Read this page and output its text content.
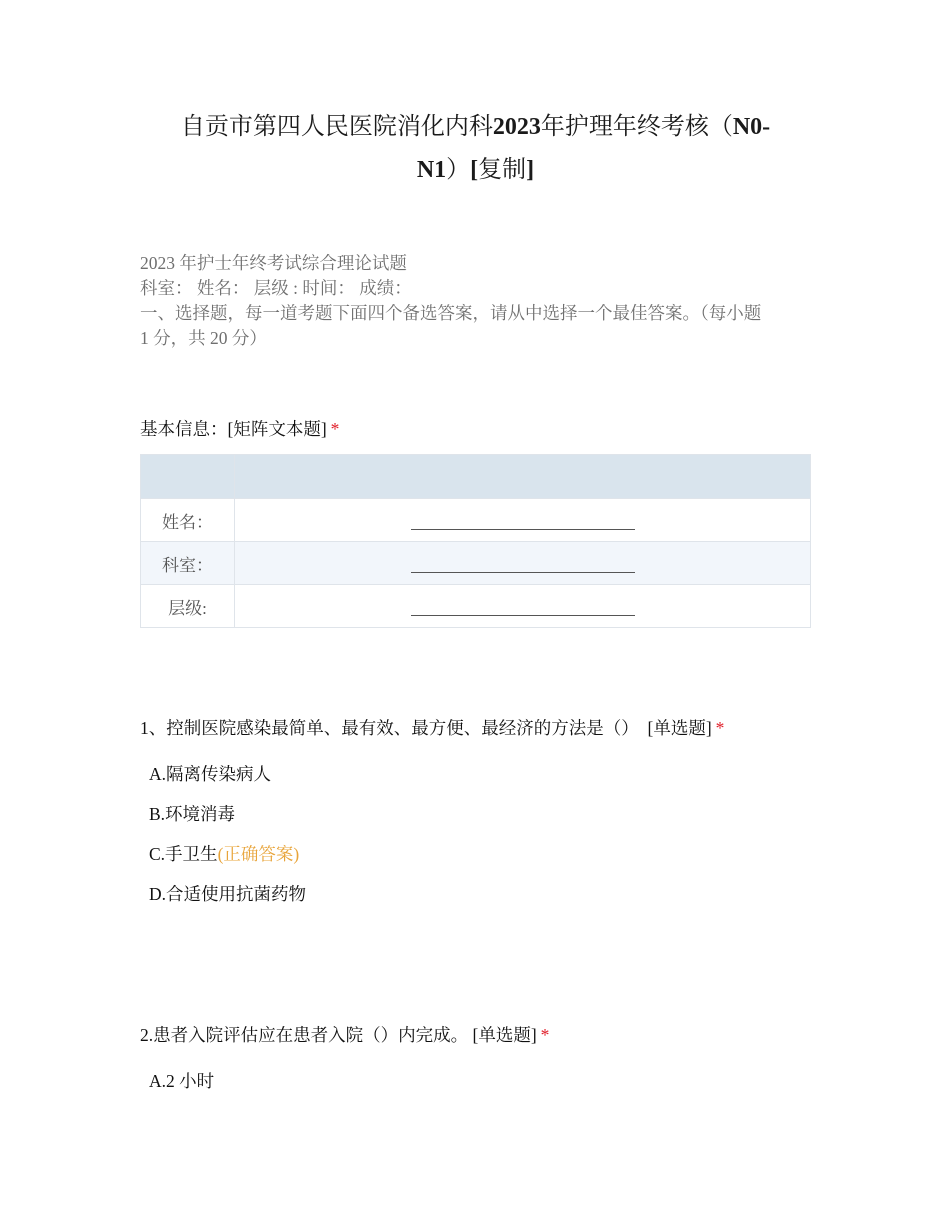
自贡市第四人民医院消化内科2023年护理年终考核（N0-
N1）[复制]
2023 年护士年终考试综合理论试题
科室： 姓名： 层级 : 时间： 成绩：
一、选择题，每一道考题下面四个备选答案，请从中选择一个最佳答案。（每小题
1 分，共 20 分）
基本信息：[矩阵文本题] *

姓名：	
科室：	
层级:	
1、控制医院感染最简单、最有效、最方便、最经济的方法是（） [单选题] *
A.隔离传染病人
B.环境消毒
C.手卫生(正确答案)
D.合适使用抗菌药物
2.患者入院评估应在患者入院（）内完成。 [单选题] *
A.2 小时
